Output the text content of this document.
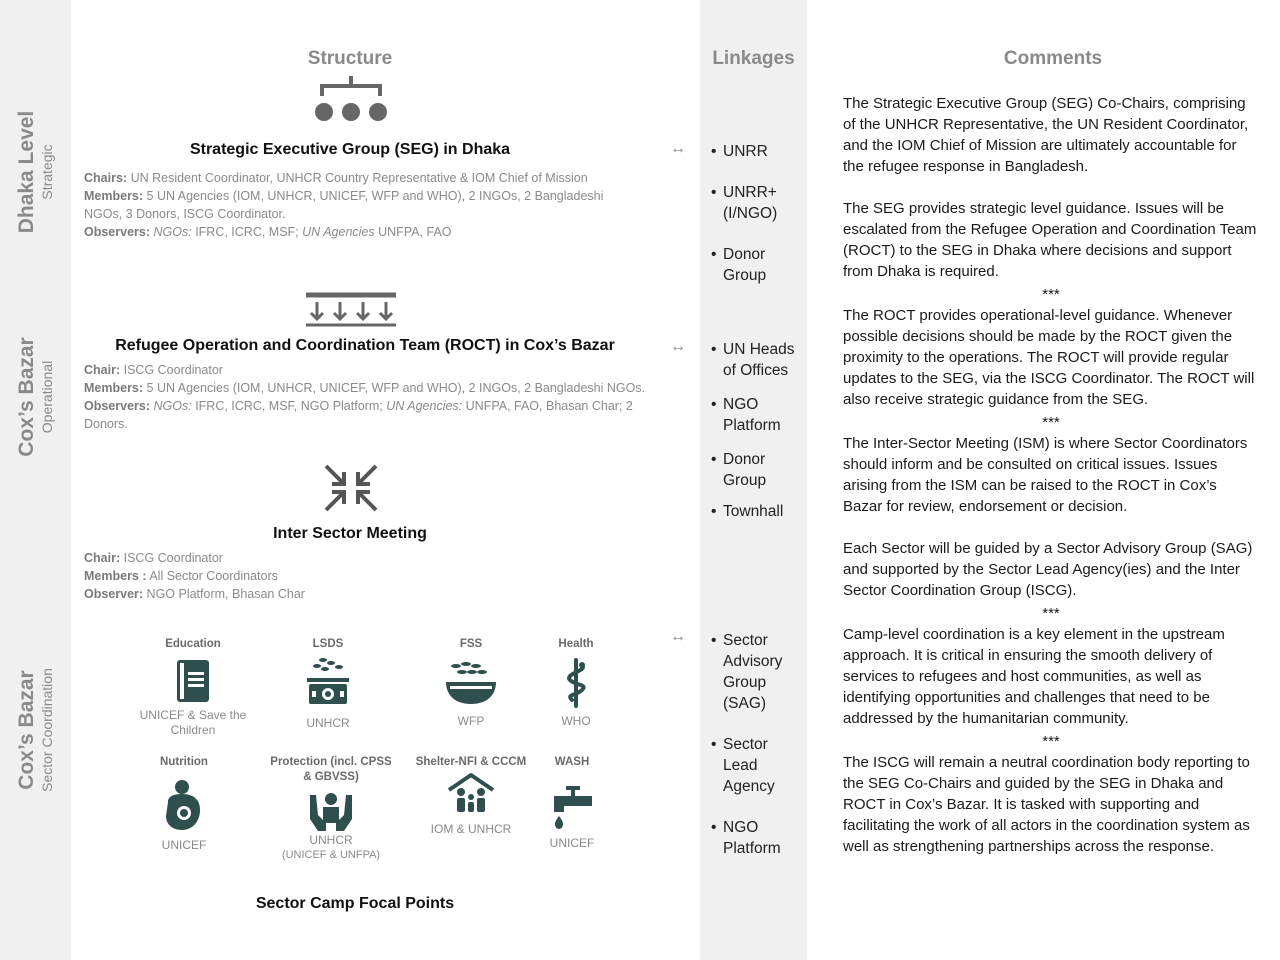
Structure	Linkages	Comments
Dhaka Level Strategic
Cox’s Bazar Operational
Cox’s Bazar Sector Coordination
Strategic Executive Group (SEG) in Dhaka
Chairs: UN Resident Coordinator, UNHCR Country Representative & IOM Chief of Mission
Members: 5 UN Agencies (IOM, UNHCR, UNICEF, WFP and WHO), 2 INGOs, 2 Bangladeshi NGOs, 3 Donors, ISCG Coordinator.
Observers: NGOs: IFRC, ICRC, MSF; UN Agencies UNFPA, FAO
Refugee Operation and Coordination Team (ROCT) in Cox’s Bazar
Chair: ISCG Coordinator
Members: 5 UN Agencies (IOM, UNHCR, UNICEF, WFP and WHO), 2 INGOs, 2 Bangladeshi NGOs.
Observers: NGOs: IFRC, ICRC, MSF, NGO Platform; UN Agencies: UNFPA, FAO, Bhasan Char; 2 Donors.
Inter Sector Meeting
Chair: ISCG Coordinator
Members : All Sector Coordinators
Observer: NGO Platform, Bhasan Char
Education
UNICEF & Save the Children
LSDS
UNHCR
FSS
WFP
Health
WHO
Nutrition
UNICEF
Protection (incl. CPSS & GBVSS)
UNHCR
(UNICEF & UNFPA)
Shelter-NFI & CCCM
IOM & UNHCR
WASH
UNICEF
Sector Camp Focal Points
↔
↔
↔
• UNRR
• UNRR+ (I/NGO)
• Donor Group
• UN Heads of Offices
• NGO Platform
• Donor Group
• Townhall
• Sector Advisory Group (SAG)
• Sector Lead Agency
• NGO Platform

The Strategic Executive Group (SEG) Co-Chairs, comprising of the UNHCR Representative, the UN Resident Coordinator, and the IOM Chief of Mission are ultimately accountable for the refugee response in Bangladesh.

The SEG provides strategic level guidance. Issues will be escalated from the Refugee Operation and Coordination Team (ROCT) to the SEG in Dhaka where decisions and support from Dhaka is required.

***

The ROCT provides operational-level guidance. Whenever possible decisions should be made by the ROCT given the proximity to the operations. The ROCT will provide regular updates to the SEG, via the ISCG Coordinator. The ROCT will also receive strategic guidance from the SEG.

***

The Inter-Sector Meeting (ISM) is where Sector Coordinators should inform and be consulted on critical issues. Issues arising from the ISM can be raised to the ROCT in Cox’s Bazar for review, endorsement or decision.

Each Sector will be guided by a Sector Advisory Group (SAG) and supported by the Sector Lead Agency(ies) and the Inter Sector Coordination Group (ISCG).

***

Camp-level coordination is a key element in the upstream approach. It is critical in ensuring the smooth delivery of services to refugees and host communities, as well as identifying opportunities and challenges that need to be addressed by the humanitarian community.

***

The ISCG will remain a neutral coordination body reporting to the SEG Co-Chairs and guided by the SEG in Dhaka and ROCT in Cox’s Bazar. It is tasked with supporting and facilitating the work of all actors in the coordination system as well as strengthening partnerships across the response.
